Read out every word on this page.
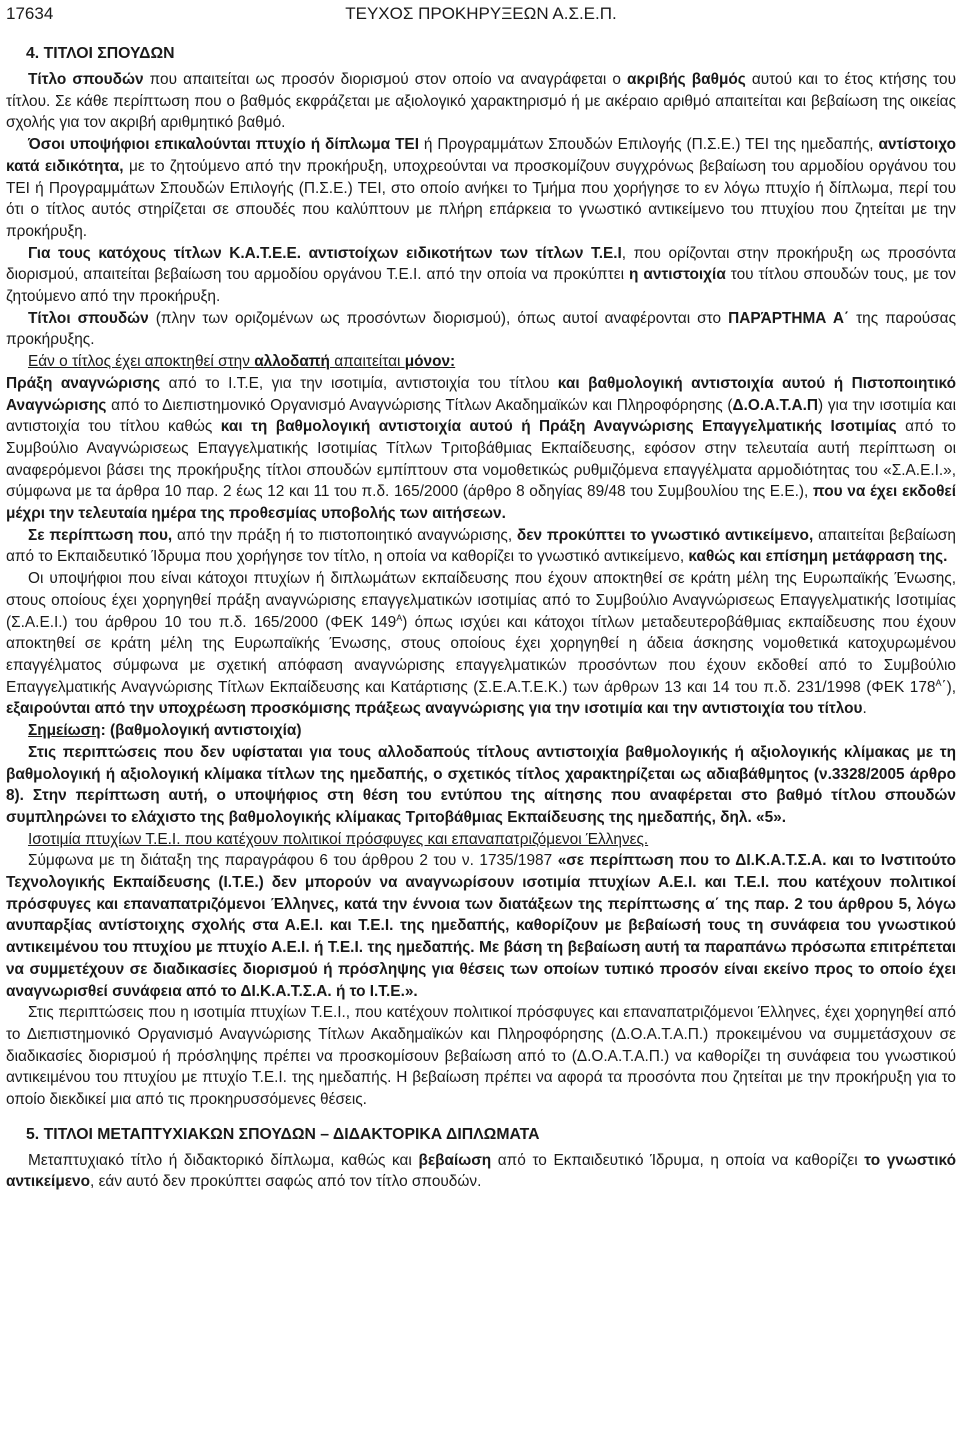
17634	ΤΕΥΧΟΣ ΠΡΟΚΗΡΥΞΕΩΝ Α.Σ.Ε.Π.
4. ΤΙΤΛΟΙ ΣΠΟΥΔΩΝ

Τίτλο σπουδών που απαιτείται ως προσόν διορισμού στον οποίο να αναγράφεται ο ακριβής βαθμός αυτού και το έτος κτήσης του τίτλου. Σε κάθε περίπτωση που ο βαθμός εκφράζεται με αξιολογικό χαρακτηρισμό ή με ακέραιο αριθμό απαιτείται και βεβαίωση της οικείας σχολής για τον ακριβή αριθμητικό βαθμό.

Όσοι υποψήφιοι επικαλούνται πτυχίο ή δίπλωμα ΤΕΙ ή Προγραμμάτων Σπουδών Επιλογής (Π.Σ.Ε.) ΤΕΙ της ημεδαπής, αντίστοιχο κατά ειδικότητα, με το ζητούμενο από την προκήρυξη, υποχρεούνται να προσκομίζουν συγχρόνως βεβαίωση του αρμοδίου οργάνου του ΤΕΙ ή Προγραμμάτων Σπουδών Επιλογής (Π.Σ.Ε.) ΤΕΙ, στο οποίο ανήκει το Τμήμα που χορήγησε το εν λόγω πτυχίο ή δίπλωμα, περί του ότι ο τίτλος αυτός στηρίζεται σε σπουδές που καλύπτουν με πλήρη επάρκεια το γνωστικό αντικείμενο του πτυχίου που ζητείται με την προκήρυξη.

Για τους κατόχους τίτλων Κ.Α.Τ.Ε.Ε. αντιστοίχων ειδικοτήτων των τίτλων Τ.Ε.Ι, που ορίζονται στην προκήρυξη ως προσόντα διορισμού, απαιτείται βεβαίωση του αρμοδίου οργάνου Τ.Ε.Ι. από την οποία να προκύπτει η αντιστοιχία του τίτλου σπουδών τους, με τον ζητούμενο από την προκήρυξη.

Τίτλοι σπουδών (πλην των οριζομένων ως προσόντων διορισμού), όπως αυτοί αναφέρονται στο ΠΑΡΆΡΤΗΜΑ Α΄ της παρούσας προκήρυξης.

Εάν ο τίτλος έχει αποκτηθεί στην αλλοδαπή απαιτείται μόνον:

Πράξη αναγνώρισης από το Ι.Τ.Ε, για την ισοτιμία, αντιστοιχία του τίτλου και βαθμολογική αντιστοιχία αυτού ή Πιστοποιητικό Αναγνώρισης από το Διεπιστημονικό Οργανισμό Αναγνώρισης Τίτλων Ακαδημαϊκών και Πληροφόρησης (Δ.Ο.Α.Τ.Α.Π) για την ισοτιμία και αντιστοιχία του τίτλου καθώς και τη βαθμολογική αντιστοιχία αυτού ή Πράξη Αναγνώρισης Επαγγελματικής Ισοτιμίας από το Συμβούλιο Αναγνώρισεως Επαγγελματικής Ισοτιμίας Τίτλων Τριτοβάθμιας Εκπαίδευσης, εφόσον στην τελευταία αυτή περίπτωση οι αναφερόμενοι βάσει της προκήρυξης τίτλοι σπουδών εμπίπτουν στα νομοθετικώς ρυθμιζόμενα επαγγέλματα αρμοδιότητας του «Σ.Α.Ε.Ι.», σύμφωνα με τα άρθρα 10 παρ. 2 έως 12 και 11 του π.δ. 165/2000 (άρθρο 8 οδηγίας 89/48 του Συμβουλίου της Ε.Ε.), που να έχει εκδοθεί μέχρι την τελευταία ημέρα της προθεσμίας υποβολής των αιτήσεων.

Σε περίπτωση που, από την πράξη ή το πιστοποιητικό αναγνώρισης, δεν προκύπτει το γνωστικό αντικείμενο, απαιτείται βεβαίωση από το Εκπαιδευτικό Ίδρυμα που χορήγησε τον τίτλο, η οποία να καθορίζει το γνωστικό αντικείμενο, καθώς και επίσημη μετάφραση της.

Οι υποψήφιοι που είναι κάτοχοι πτυχίων ή διπλωμάτων εκπαίδευσης που έχουν αποκτηθεί σε κράτη μέλη της Ευρωπαϊκής Ένωσης, στους οποίους έχει χορηγηθεί πράξη αναγνώρισης επαγγελματικών ισοτιμίας από το Συμβούλιο Αναγνώρισεως Επαγγελματικής Ισοτιμίας (Σ.Α.Ε.Ι.) του άρθρου 10 του π.δ. 165/2000 (ΦΕΚ $149^A$) όπως ισχύει και κάτοχοι τίτλων μεταδευτεροβάθμιας εκπαίδευσης που έχουν αποκτηθεί σε κράτη μέλη της Ευρωπαϊκής Ένωσης, στους οποίους έχει χορηγηθεί η άδεια άσκησης νομοθετικά κατοχυρωμένου επαγγέλματος σύμφωνα με σχετική απόφαση αναγνώρισης επαγγελματικών προσόντων που έχουν εκδοθεί από το Συμβούλιο Επαγγελματικής Αναγνώρισης Τίτλων Εκπαίδευσης και Κατάρτισης (Σ.Ε.Α.Τ.Ε.Κ.) των άρθρων 13 και 14 του π.δ. 231/1998 (ΦΕΚ $178^A΄$), εξαιρούνται από την υποχρέωση προσκόμισης πράξεως αναγνώρισης για την ισοτιμία και την αντιστοιχία του τίτλου.

Σημείωση: (βαθμολογική αντιστοιχία)

Στις περιπτώσεις που δεν υφίσταται για τους αλλοδαπούς τίτλους αντιστοιχία βαθμολογικής ή αξιολογικής κλίμακας με τη βαθμολογική ή αξιολογική κλίμακα τίτλων της ημεδαπής, ο σχετικός τίτλος χαρακτηρίζεται ως αδιαβάθμητος (ν.3328/2005 άρθρο 8). Στην περίπτωση αυτή, ο υποψήφιος στη θέση του εντύπου της αίτησης που αναφέρεται στο βαθμό τίτλου σπουδών συμπληρώνει το ελάχιστο της βαθμολογικής κλίμακας Τριτοβάθμιας Εκπαίδευσης της ημεδαπής, δηλ. «5».

Ισοτιμία πτυχίων Τ.Ε.Ι. που κατέχουν πολιτικοί πρόσφυγες και επαναπατριζόμενοι Έλληνες.

Σύμφωνα με τη διάταξη της παραγράφου 6 του άρθρου 2 του ν. 1735/1987 «σε περίπτωση που το ΔΙ.Κ.Α.Τ.Σ.Α. και το Ινστιτούτο Τεχνολογικής Εκπαίδευσης (Ι.Τ.Ε.) δεν μπορούν να αναγνωρίσουν ισοτιμία πτυχίων Α.Ε.Ι. και Τ.Ε.Ι. που κατέχουν πολιτικοί πρόσφυγες και επαναπατριζόμενοι Έλληνες, κατά την έννοια των διατάξεων της περίπτωσης α΄ της παρ. 2 του άρθρου 5, λόγω ανυπαρξίας αντίστοιχης σχολής στα Α.Ε.Ι. και Τ.Ε.Ι. της ημεδαπής, καθορίζουν με βεβαίωσή τους τη συνάφεια του γνωστικού αντικειμένου του πτυχίου με πτυχίο Α.Ε.Ι. ή Τ.Ε.Ι. της ημεδαπής. Με βάση τη βεβαίωση αυτή τα παραπάνω πρόσωπα επιτρέπεται να συμμετέχουν σε διαδικασίες διορισμού ή πρόσληψης για θέσεις των οποίων τυπικό προσόν είναι εκείνο προς το οποίο έχει αναγνωρισθεί συνάφεια από το ΔΙ.Κ.Α.Τ.Σ.Α. ή το Ι.Τ.Ε.».

Στις περιπτώσεις που η ισοτιμία πτυχίων Τ.Ε.Ι., που κατέχουν πολιτικοί πρόσφυγες και επαναπατριζόμενοι Έλληνες, έχει χορηγηθεί από το Διεπιστημονικό Οργανισμό Αναγνώρισης Τίτλων Ακαδημαϊκών και Πληροφόρησης (Δ.Ο.Α.Τ.Α.Π.) προκειμένου να συμμετάσχουν σε διαδικασίες διορισμού ή πρόσληψης πρέπει να προσκομίσουν βεβαίωση από το (Δ.Ο.Α.Τ.Α.Π.) να καθορίζει τη συνάφεια του γνωστικού αντικειμένου του πτυχίου με πτυχίο Τ.Ε.Ι. της ημεδαπής. Η βεβαίωση πρέπει να αφορά τα προσόντα που ζητείται με την προκήρυξη για το οποίο διεκδικεί μια από τις προκηρυσσόμενες θέσεις.

5. ΤΙΤΛΟΙ ΜΕΤΑΠΤΥΧΙΑΚΩΝ ΣΠΟΥΔΩΝ – ΔΙΔΑΚΤΟΡΙΚΑ ΔΙΠΛΩΜΑΤΑ

Μεταπτυχιακό τίτλο ή διδακτορικό δίπλωμα, καθώς και βεβαίωση από το Εκπαιδευτικό Ίδρυμα, η οποία να καθορίζει το γνωστικό αντικείμενο, εάν αυτό δεν προκύπτει σαφώς από τον τίτλο σπουδών.
